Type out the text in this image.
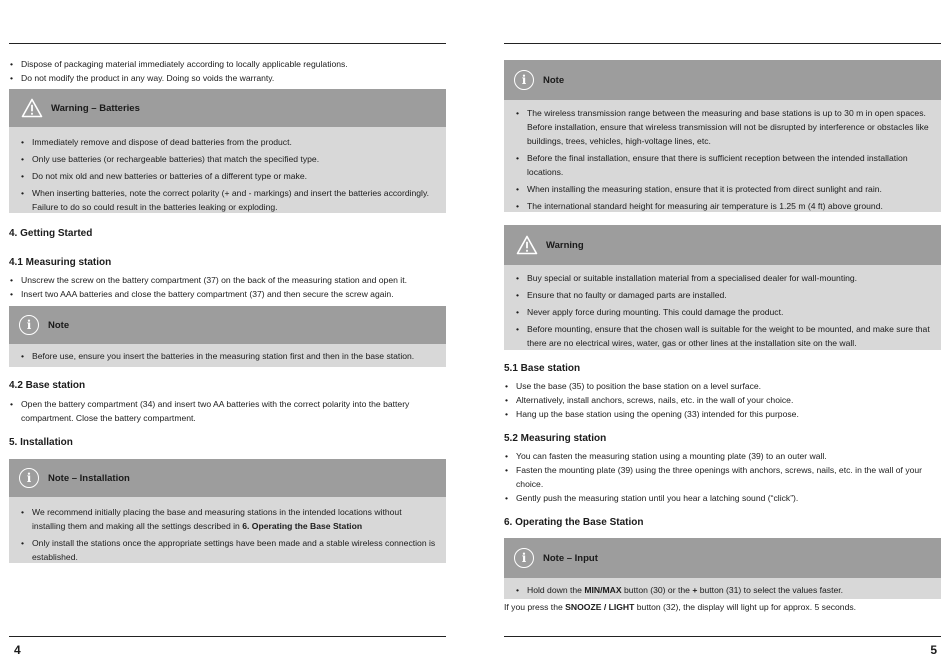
• Dispose of packaging material immediately according to locally applicable regulations.
• Do not modify the product in any way. Doing so voids the warranty.
Warning – Batteries
• Immediately remove and dispose of dead batteries from the product.
• Only use batteries (or rechargeable batteries) that match the specified type.
• Do not mix old and new batteries or batteries of a different type or make.
• When inserting batteries, note the correct polarity (+ and - markings) and insert the batteries accordingly. Failure to do so could result in the batteries leaking or exploding.
4. Getting Started
4.1 Measuring station
• Unscrew the screw on the battery compartment (37) on the back of the measuring station and open it.
• Insert two AAA batteries and close the battery compartment (37) and then secure the screw again.
i Note
• Before use, ensure you insert the batteries in the measuring station first and then in the base station.
4.2 Base station
• Open the battery compartment (34) and insert two AA batteries with the correct polarity into the battery compartment. Close the battery compartment.
5. Installation
i Note – Installation
• We recommend initially placing the base and measuring stations in the intended locations without installing them and making all the settings described in 6. Operating the Base Station
• Only install the stations once the appropriate settings have been made and a stable wireless connection is established.
4
i Note
• The wireless transmission range between the measuring and base stations is up to 30 m in open spaces. Before installation, ensure that wireless transmission will not be disrupted by interference or obstacles like buildings, trees, vehicles, high-voltage lines, etc.
• Before the final installation, ensure that there is sufficient reception between the intended installation locations.
• When installing the measuring station, ensure that it is protected from direct sunlight and rain.
• The international standard height for measuring air temperature is 1.25 m (4 ft) above ground.
Warning
• Buy special or suitable installation material from a specialised dealer for wall-mounting.
• Ensure that no faulty or damaged parts are installed.
• Never apply force during mounting. This could damage the product.
• Before mounting, ensure that the chosen wall is suitable for the weight to be mounted, and make sure that there are no electrical wires, water, gas or other lines at the installation site on the wall.
5.1 Base station
• Use the base (35) to position the base station on a level surface.
• Alternatively, install anchors, screws, nails, etc. in the wall of your choice.
• Hang up the base station using the opening (33) intended for this purpose.
5.2 Measuring station
• You can fasten the measuring station using a mounting plate (39) to an outer wall.
• Fasten the mounting plate (39) using the three openings with anchors, screws, nails, etc. in the wall of your choice.
• Gently push the measuring station until you hear a latching sound (“click”).
6. Operating the Base Station
i Note – Input
• Hold down the MIN/MAX button (30) or the + button (31) to select the values faster.

If you press the SNOOZE / LIGHT button (32), the display will light up for approx. 5 seconds.

5
